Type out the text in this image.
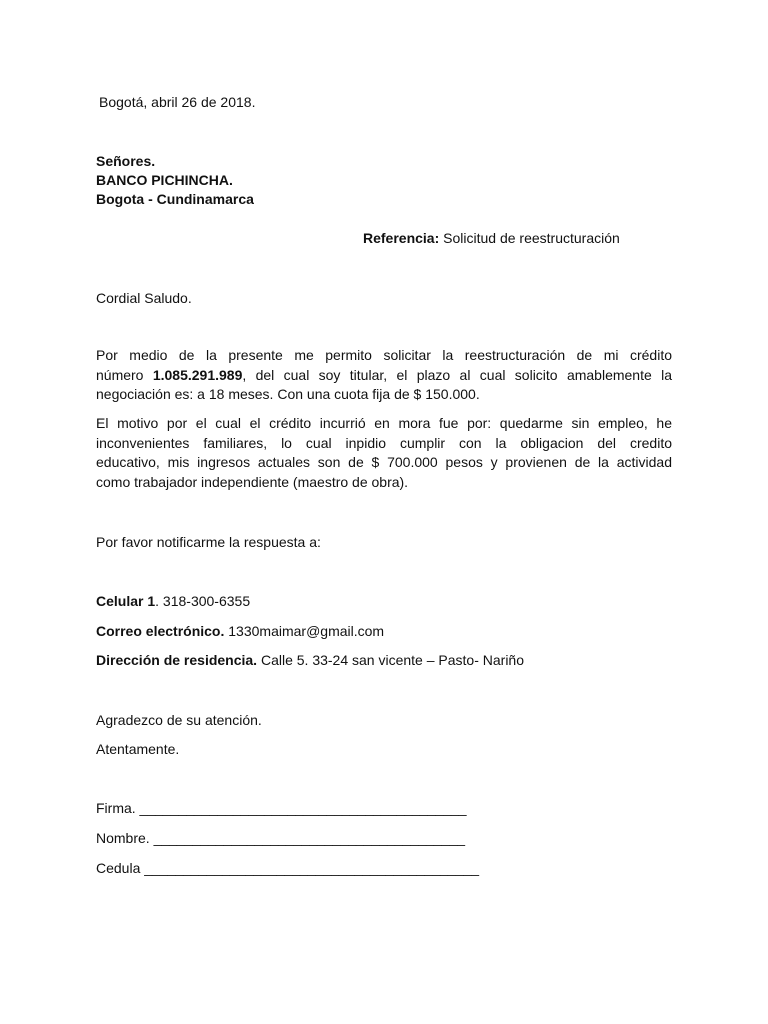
Bogotá, abril 26 de 2018.
Señores.
BANCO PICHINCHA.
Bogota - Cundinamarca
Referencia: Solicitud de reestructuración
Cordial Saludo.
Por medio de la presente me permito solicitar la reestructuración de mi crédito
número 1.085.291.989, del cual soy titular, el plazo al cual solicito amablemente la
negociación es: a 18 meses. Con una cuota fija de $ 150.000.
El motivo por el cual el crédito incurrió en mora fue por: quedarme sin empleo, he
inconvenientes familiares, lo cual inpidio cumplir con la obligacion del credito
educativo, mis ingresos actuales son de $ 700.000 pesos y provienen de la actividad
como trabajador independiente (maestro de obra).
Por favor notificarme la respuesta a:
Celular 1. 318-300-6355
Correo electrónico. 1330maimar@gmail.com
Dirección de residencia. Calle 5. 33-24 san vicente – Pasto- Nariño
Agradezco de su atención.
Atentamente.
Firma. __________________________________________
Nombre. ________________________________________
Cedula ___________________________________________
